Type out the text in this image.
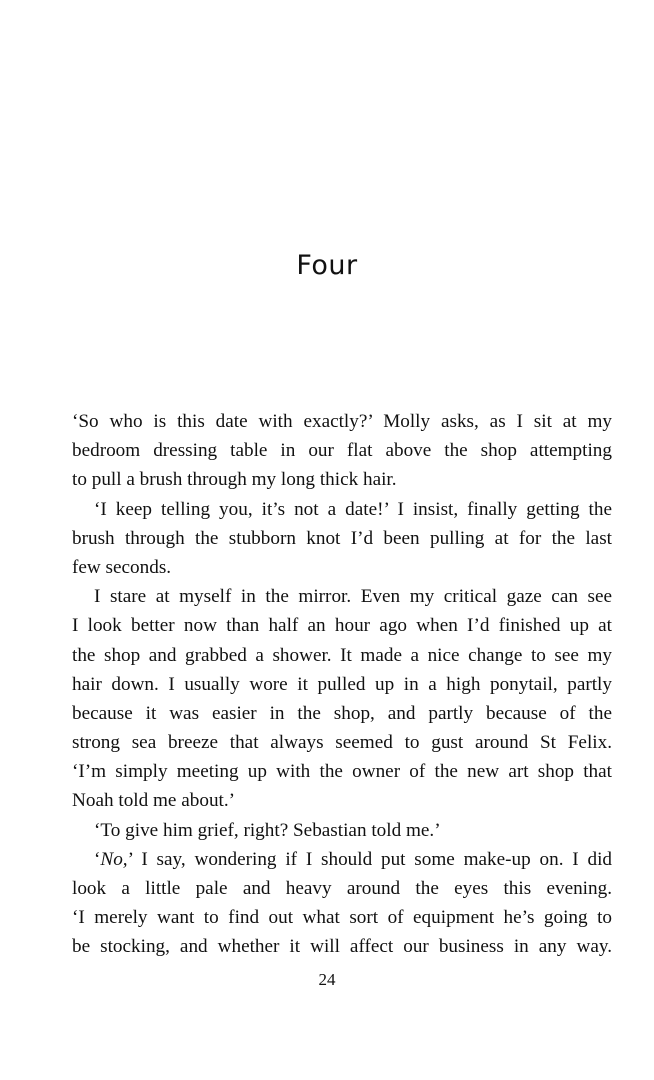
Four
‘So who is this date with exactly?’ Molly asks, as I sit at my
bedroom dressing table in our flat above the shop attempting
to pull a brush through my long thick hair.
‘I keep telling you, it’s not a date!’ I insist, finally getting the
brush through the stubborn knot I’d been pulling at for the last
few seconds.
I stare at myself in the mirror. Even my critical gaze can see
I look better now than half an hour ago when I’d finished up at
the shop and grabbed a shower. It made a nice change to see my
hair down. I usually wore it pulled up in a high ponytail, partly
because it was easier in the shop, and partly because of the
strong sea breeze that always seemed to gust around St Felix.
‘I’m simply meeting up with the owner of the new art shop that
Noah told me about.’
‘To give him grief, right? Sebastian told me.’
‘No,’ I say, wondering if I should put some make-up on. I did
look a little pale and heavy around the eyes this evening.
‘I merely want to find out what sort of equipment he’s going to
be stocking, and whether it will affect our business in any way.
24
